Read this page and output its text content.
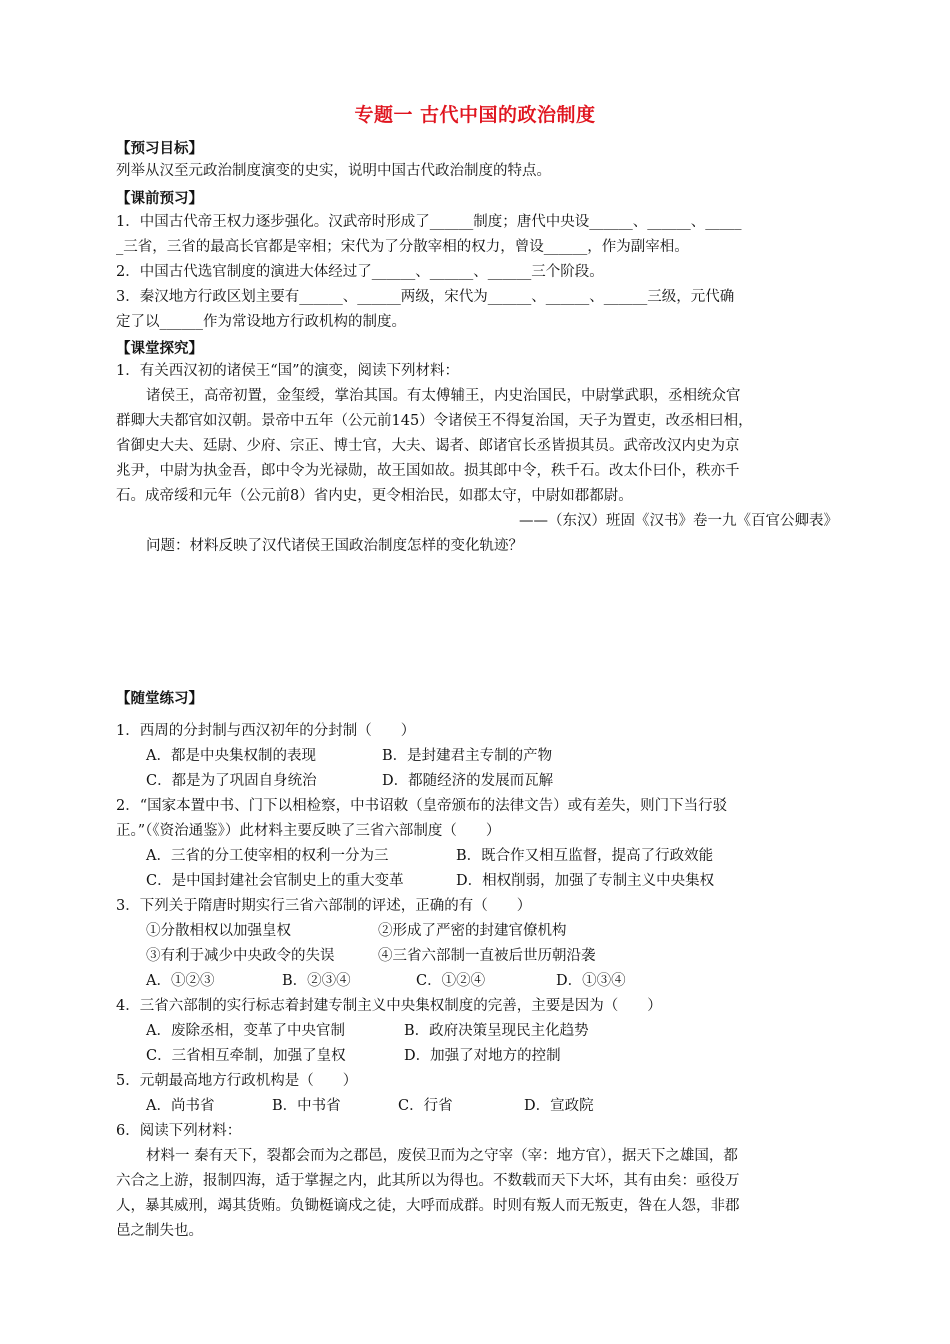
专题一 古代中国的政治制度
【预习目标】
列举从汉至元政治制度演变的史实，说明中国古代政治制度的特点。
【课前预习】
1．中国古代帝王权力逐步强化。汉武帝时形成了______制度；唐代中央设______、______、_____
_三省，三省的最高长官都是宰相；宋代为了分散宰相的权力，曾设______，作为副宰相。
2．中国古代选官制度的演进大体经过了______、______、______三个阶段。
3．秦汉地方行政区划主要有______、______两级，宋代为______、______、______三级，元代确
定了以______作为常设地方行政机构的制度。
【课堂探究】
1．有关西汉初的诸侯王“国”的演变，阅读下列材料：
诸侯王，高帝初置，金玺绶，掌治其国。有太傅辅王，内史治国民，中尉掌武职，丞相统众官
群卿大夫都官如汉朝。景帝中五年（公元前145）令诸侯王不得复治国，天子为置吏，改丞相曰相，
省御史大夫、廷尉、少府、宗正、博士官，大夫、谒者、郎诸官长丞皆损其员。武帝改汉内史为京
兆尹，中尉为执金吾，郎中令为光禄勋，故王国如故。损其郎中令，秩千石。改太仆曰仆，秩亦千
石。成帝绥和元年（公元前8）省内史，更令相治民，如郡太守，中尉如郡都尉。
——（东汉）班固《汉书》卷一九《百官公卿表》
问题：材料反映了汉代诸侯王国政治制度怎样的变化轨迹？
【随堂练习】
1．西周的分封制与西汉初年的分封制（　　）
A．都是中央集权制的表现	B．是封建君主专制的产物
C．都是为了巩固自身统治	D．都随经济的发展而瓦解
2．“国家本置中书、门下以相检察，中书诏敕（皇帝颁布的法律文告）或有差失，则门下当行驳
正。”（《资治通鉴》）此材料主要反映了三省六部制度（　　）
A．三省的分工使宰相的权利一分为三	B．既合作又相互监督，提高了行政效能
C．是中国封建社会官制史上的重大变革	D．相权削弱，加强了专制主义中央集权
3．下列关于隋唐时期实行三省六部制的评述，正确的有（　　）
①分散相权以加强皇权	②形成了严密的封建官僚机构
③有利于减少中央政令的失误	④三省六部制一直被后世历朝沿袭
A．①②③	B．②③④	C．①②④	D．①③④
4．三省六部制的实行标志着封建专制主义中央集权制度的完善，主要是因为（　　）
A．废除丞相，变革了中央官制	B．政府决策呈现民主化趋势
C．三省相互牵制，加强了皇权	D．加强了对地方的控制
5．元朝最高地方行政机构是（　　）
A．尚书省	B．中书省	C．行省	D．宣政院
6．阅读下列材料：
材料一 秦有天下，裂都会而为之郡邑，废侯卫而为之守宰（宰：地方官），据天下之雄国，都
六合之上游，报制四海，适于掌握之内，此其所以为得也。不数载而天下大坏，其有由矣：亟役万
人，暴其威刑，竭其货贿。负锄梃谪戍之徒，大呼而成群。时则有叛人而无叛吏，咎在人怨，非郡
邑之制失也。
